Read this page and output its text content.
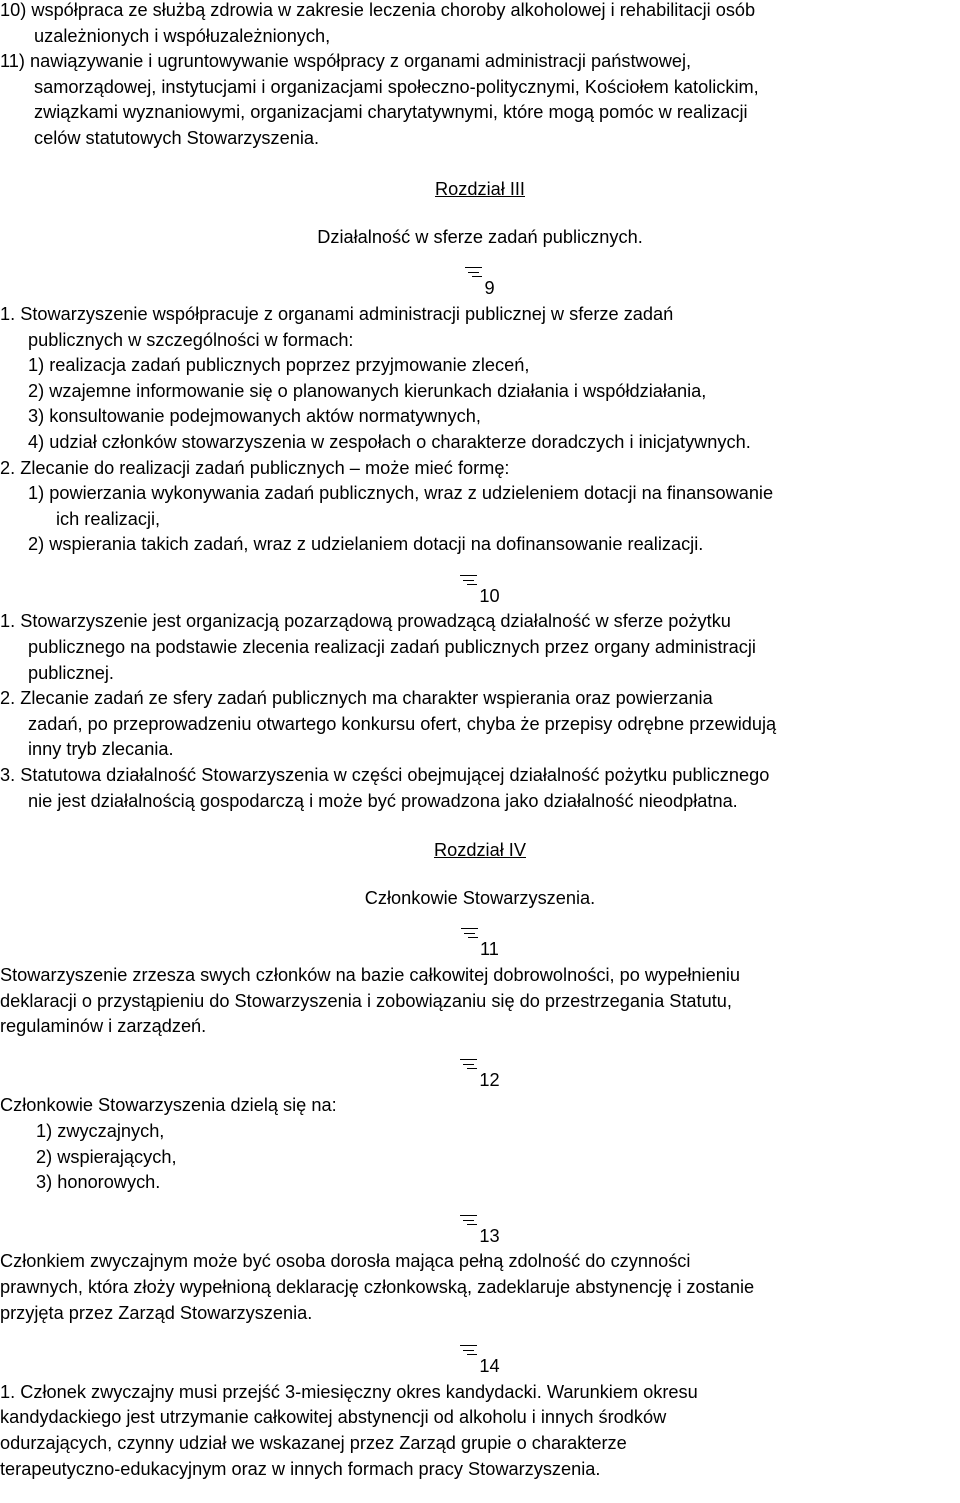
10) współpraca ze służbą zdrowia w zakresie leczenia choroby alkoholowej i rehabilitacji osób
uzależnionych i współuzależnionych,
11) nawiązywanie i ugruntowywanie współpracy z organami administracji państwowej,
samorządowej, instytucjami i organizacjami społeczno-politycznymi, Kościołem katolickim,
związkami wyznaniowymi, organizacjami charytatywnymi, które mogą pomóc w realizacji
celów statutowych Stowarzyszenia.
Rozdział III
Działalność w sferze zadań publicznych.
9
1. Stowarzyszenie współpracuje z organami administracji publicznej w sferze zadań
publicznych w szczególności w formach:
1) realizacja zadań publicznych poprzez przyjmowanie zleceń,
2) wzajemne informowanie się o planowanych kierunkach działania i współdziałania,
3) konsultowanie podejmowanych aktów normatywnych,
4) udział członków stowarzyszenia w zespołach o charakterze doradczych i inicjatywnych.
2. Zlecanie do realizacji zadań publicznych – może mieć formę:
1) powierzania wykonywania zadań publicznych, wraz z udzieleniem dotacji na finansowanie
ich realizacji,
2) wspierania takich zadań, wraz z udzielaniem dotacji na dofinansowanie realizacji.
10
1. Stowarzyszenie jest organizacją pozarządową prowadzącą działalność w sferze pożytku
publicznego na podstawie zlecenia realizacji zadań publicznych przez organy administracji
publicznej.
2. Zlecanie zadań ze sfery zadań publicznych ma charakter wspierania oraz powierzania
zadań, po przeprowadzeniu otwartego konkursu ofert, chyba że przepisy odrębne przewidują
inny tryb zlecania.
3. Statutowa działalność Stowarzyszenia w części obejmującej działalność pożytku publicznego
nie jest działalnością gospodarczą i może być prowadzona jako działalność nieodpłatna.
Rozdział IV
Członkowie Stowarzyszenia.
11
Stowarzyszenie zrzesza swych członków na bazie całkowitej dobrowolności, po wypełnieniu
deklaracji o przystąpieniu do Stowarzyszenia i zobowiązaniu się do przestrzegania Statutu,
regulaminów i zarządzeń.
12
Członkowie Stowarzyszenia dzielą się na:
1) zwyczajnych,
2) wspierających,
3) honorowych.
13
Członkiem zwyczajnym może być osoba dorosła mająca pełną zdolność do czynności
prawnych, która złoży wypełnioną deklarację członkowską, zadeklaruje abstynencję i zostanie
przyjęta przez Zarząd Stowarzyszenia.
14
1. Członek zwyczajny musi przejść 3-miesięczny okres kandydacki. Warunkiem okresu
kandydackiego jest utrzymanie całkowitej abstynencji od alkoholu i innych środków
odurzających, czynny udział we wskazanej przez Zarząd grupie o charakterze
terapeutyczno-edukacyjnym oraz w innych formach pracy Stowarzyszenia.
